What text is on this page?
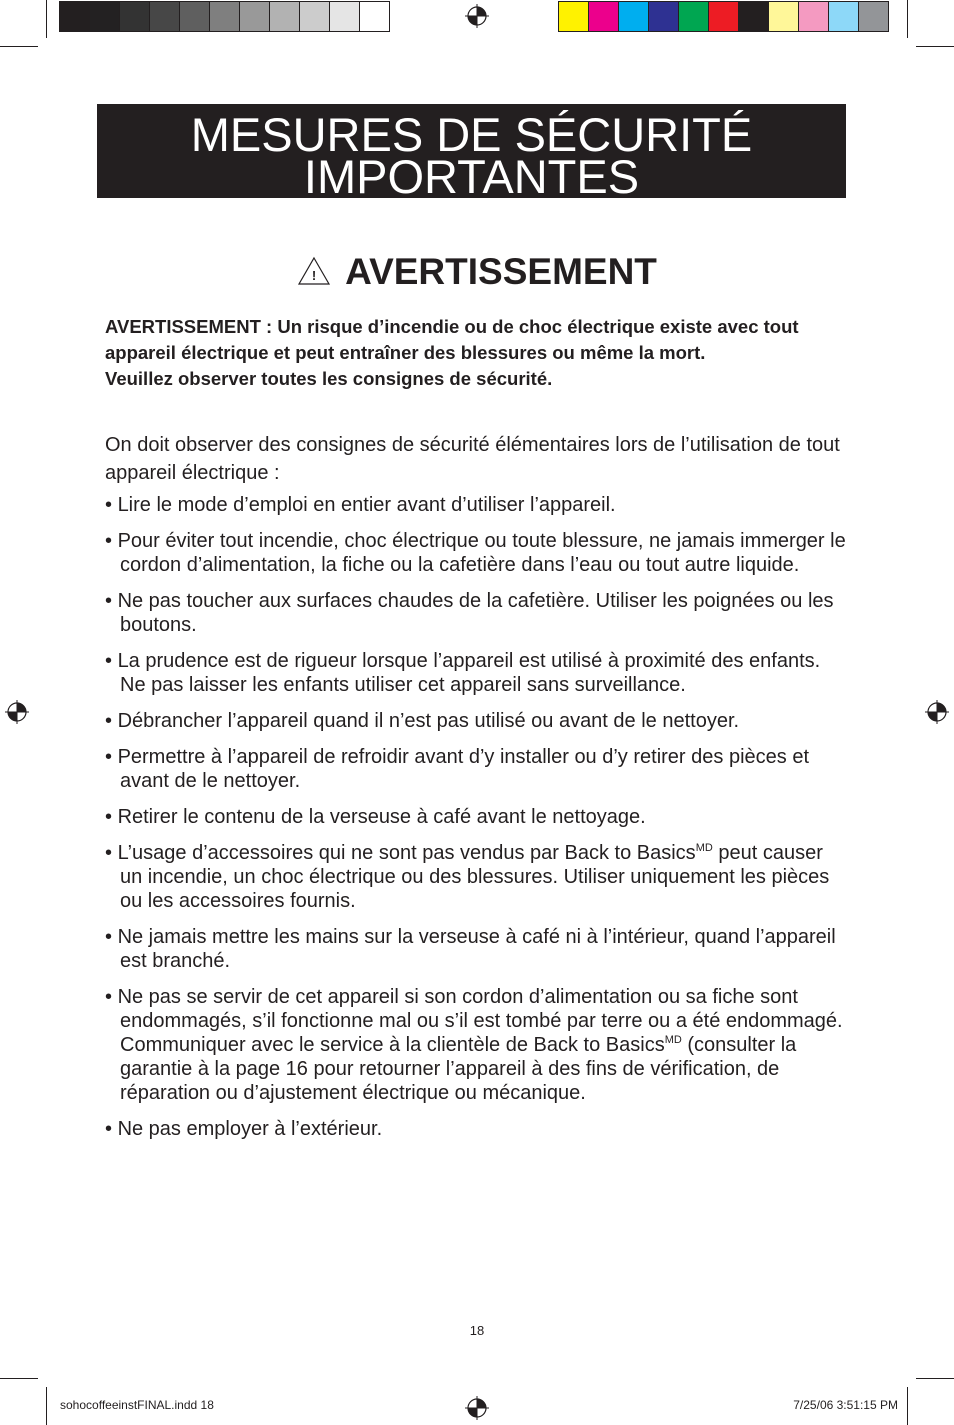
MESURES DE SÉCURITÉ
IMPORTANTES
! AVERTISSEMENT

AVERTISSEMENT : Un risque d’incendie ou de choc électrique existe avec tout appareil électrique et peut entraîner des blessures ou même la mort.

Veuillez observer toutes les consignes de sécurité.

On doit observer des consignes de sécurité élémentaires lors de l’utilisation de tout appareil électrique :

• Lire le mode d’emploi en entier avant d’utiliser l’appareil.
• Pour éviter tout incendie, choc électrique ou toute blessure, ne jamais immerger le cordon d’alimentation, la fiche ou la cafetière dans l’eau ou tout autre liquide.
• Ne pas toucher aux surfaces chaudes de la cafetière. Utiliser les poignées ou les boutons.
• La prudence est de rigueur lorsque l’appareil est utilisé à proximité des enfants. Ne pas laisser les enfants utiliser cet appareil sans surveillance.
• Débrancher l’appareil quand il n’est pas utilisé ou avant de le nettoyer.
• Permettre à l’appareil de refroidir avant d’y installer ou d’y retirer des pièces et avant de le nettoyer.
• Retirer le contenu de la verseuse à café avant le nettoyage.
• L’usage d’accessoires qui ne sont pas vendus par Back to Basics$^{MD}$ peut causer un incendie, un choc électrique ou des blessures. Utiliser uniquement les pièces ou les accessoires fournis.
• Ne jamais mettre les mains sur la verseuse à café ni à l’intérieur, quand l’appareil est branché.
• Ne pas se servir de cet appareil si son cordon d’alimentation ou sa fiche sont endommagés, s’il fonctionne mal ou s’il est tombé par terre ou a été endommagé. Communiquer avec le service à la clientèle de Back to Basics$^{MD}$ (consulter la garantie à la page 16 pour retourner l’appareil à des fins de vérification, de réparation ou d’ajustement électrique ou mécanique.
• Ne pas employer à l’extérieur.
18
sohocoffeeinstFINAL.indd 18	7/25/06 3:51:15 PM
